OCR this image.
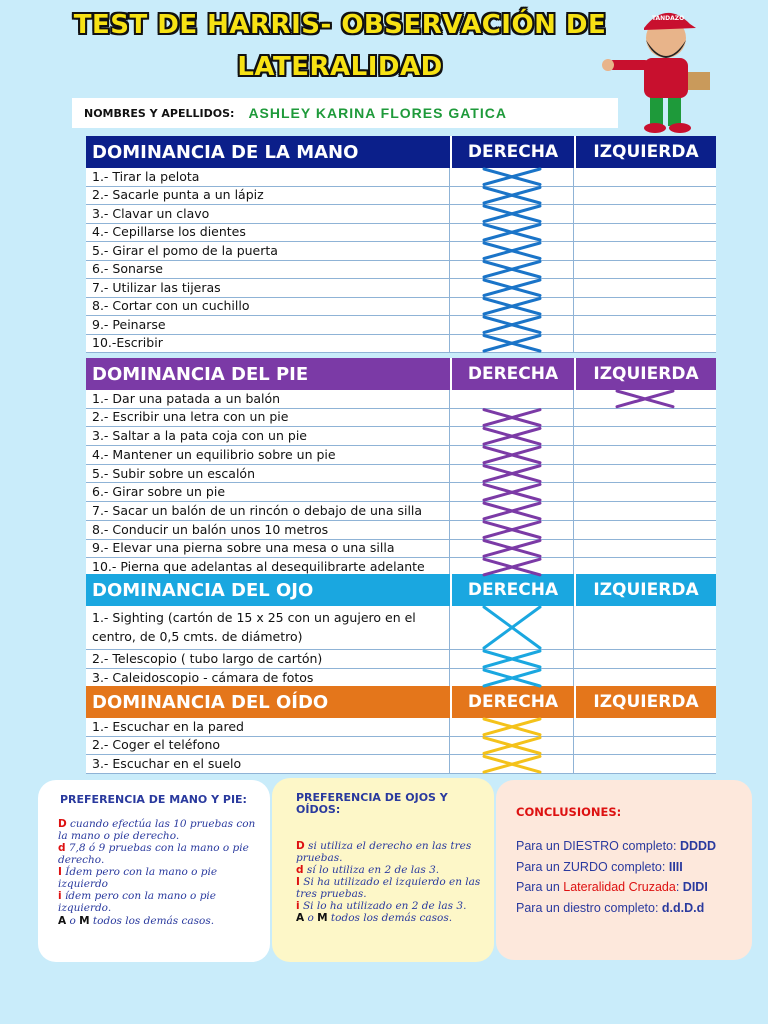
TEST DE HARRIS- OBSERVACIÓN DE
LATERALIDAD
TANDAZO
NOMBRES Y APELLIDOS: ASHLEY KARINA FLORES GATICA
DOMINANCIA DE LA MANO	DERECHA	IZQUIERDA
1.- Tirar la pelota
2.- Sacarle punta a un lápiz
3.- Clavar un clavo
4.- Cepillarse los dientes
5.- Girar el pomo de la puerta
6.- Sonarse
7.- Utilizar las tijeras
8.- Cortar con un cuchillo
9.- Peinarse
10.-Escribir
DOMINANCIA DEL PIE	DERECHA	IZQUIERDA
1.- Dar una patada a un balón
2.- Escribir una letra con un pie
3.- Saltar a la pata coja con un pie
4.- Mantener un equilibrio sobre un pie
5.- Subir sobre un escalón
6.- Girar sobre un pie
7.- Sacar un balón de un rincón o debajo de una silla
8.- Conducir un balón unos 10 metros
9.- Elevar una pierna sobre una mesa o una silla
10.- Pierna que adelantas al desequilibrarte adelante
DOMINANCIA DEL OJO	DERECHA	IZQUIERDA
1.- Sighting (cartón de 15 x 25 con un agujero en el centro, de 0,5 cmts. de diámetro)
2.- Telescopio ( tubo largo de cartón)
3.- Caleidoscopio - cámara de fotos
DOMINANCIA DEL OÍDO	DERECHA	IZQUIERDA
1.- Escuchar en la pared
2.- Coger el teléfono
3.- Escuchar en el suelo
PREFERENCIA DE MANO Y PIE:

D cuando efectúa las 10 pruebas con la mano o pie derecho.

d 7,8 ó 9 pruebas con la mano o pie derecho.

I Ídem pero con la mano o pie izquierdo

i ídem pero con la mano o pie izquierdo.

A o M todos los demás casos.

PREFERENCIA DE OJOS Y OÍDOS:

D si utiliza el derecho en las tres pruebas.

d sí lo utiliza en 2 de las 3.

I Si ha utilizado el izquierdo en las tres pruebas.

i Si lo ha utilizado en 2 de las 3.

A o M todos los demás casos.

CONCLUSIONES:
Para un DIESTRO completo: DDDD
Para un ZURDO completo: IIII
Para un Lateralidad Cruzada: DIDI
Para un diestro completo: d.d.D.d
